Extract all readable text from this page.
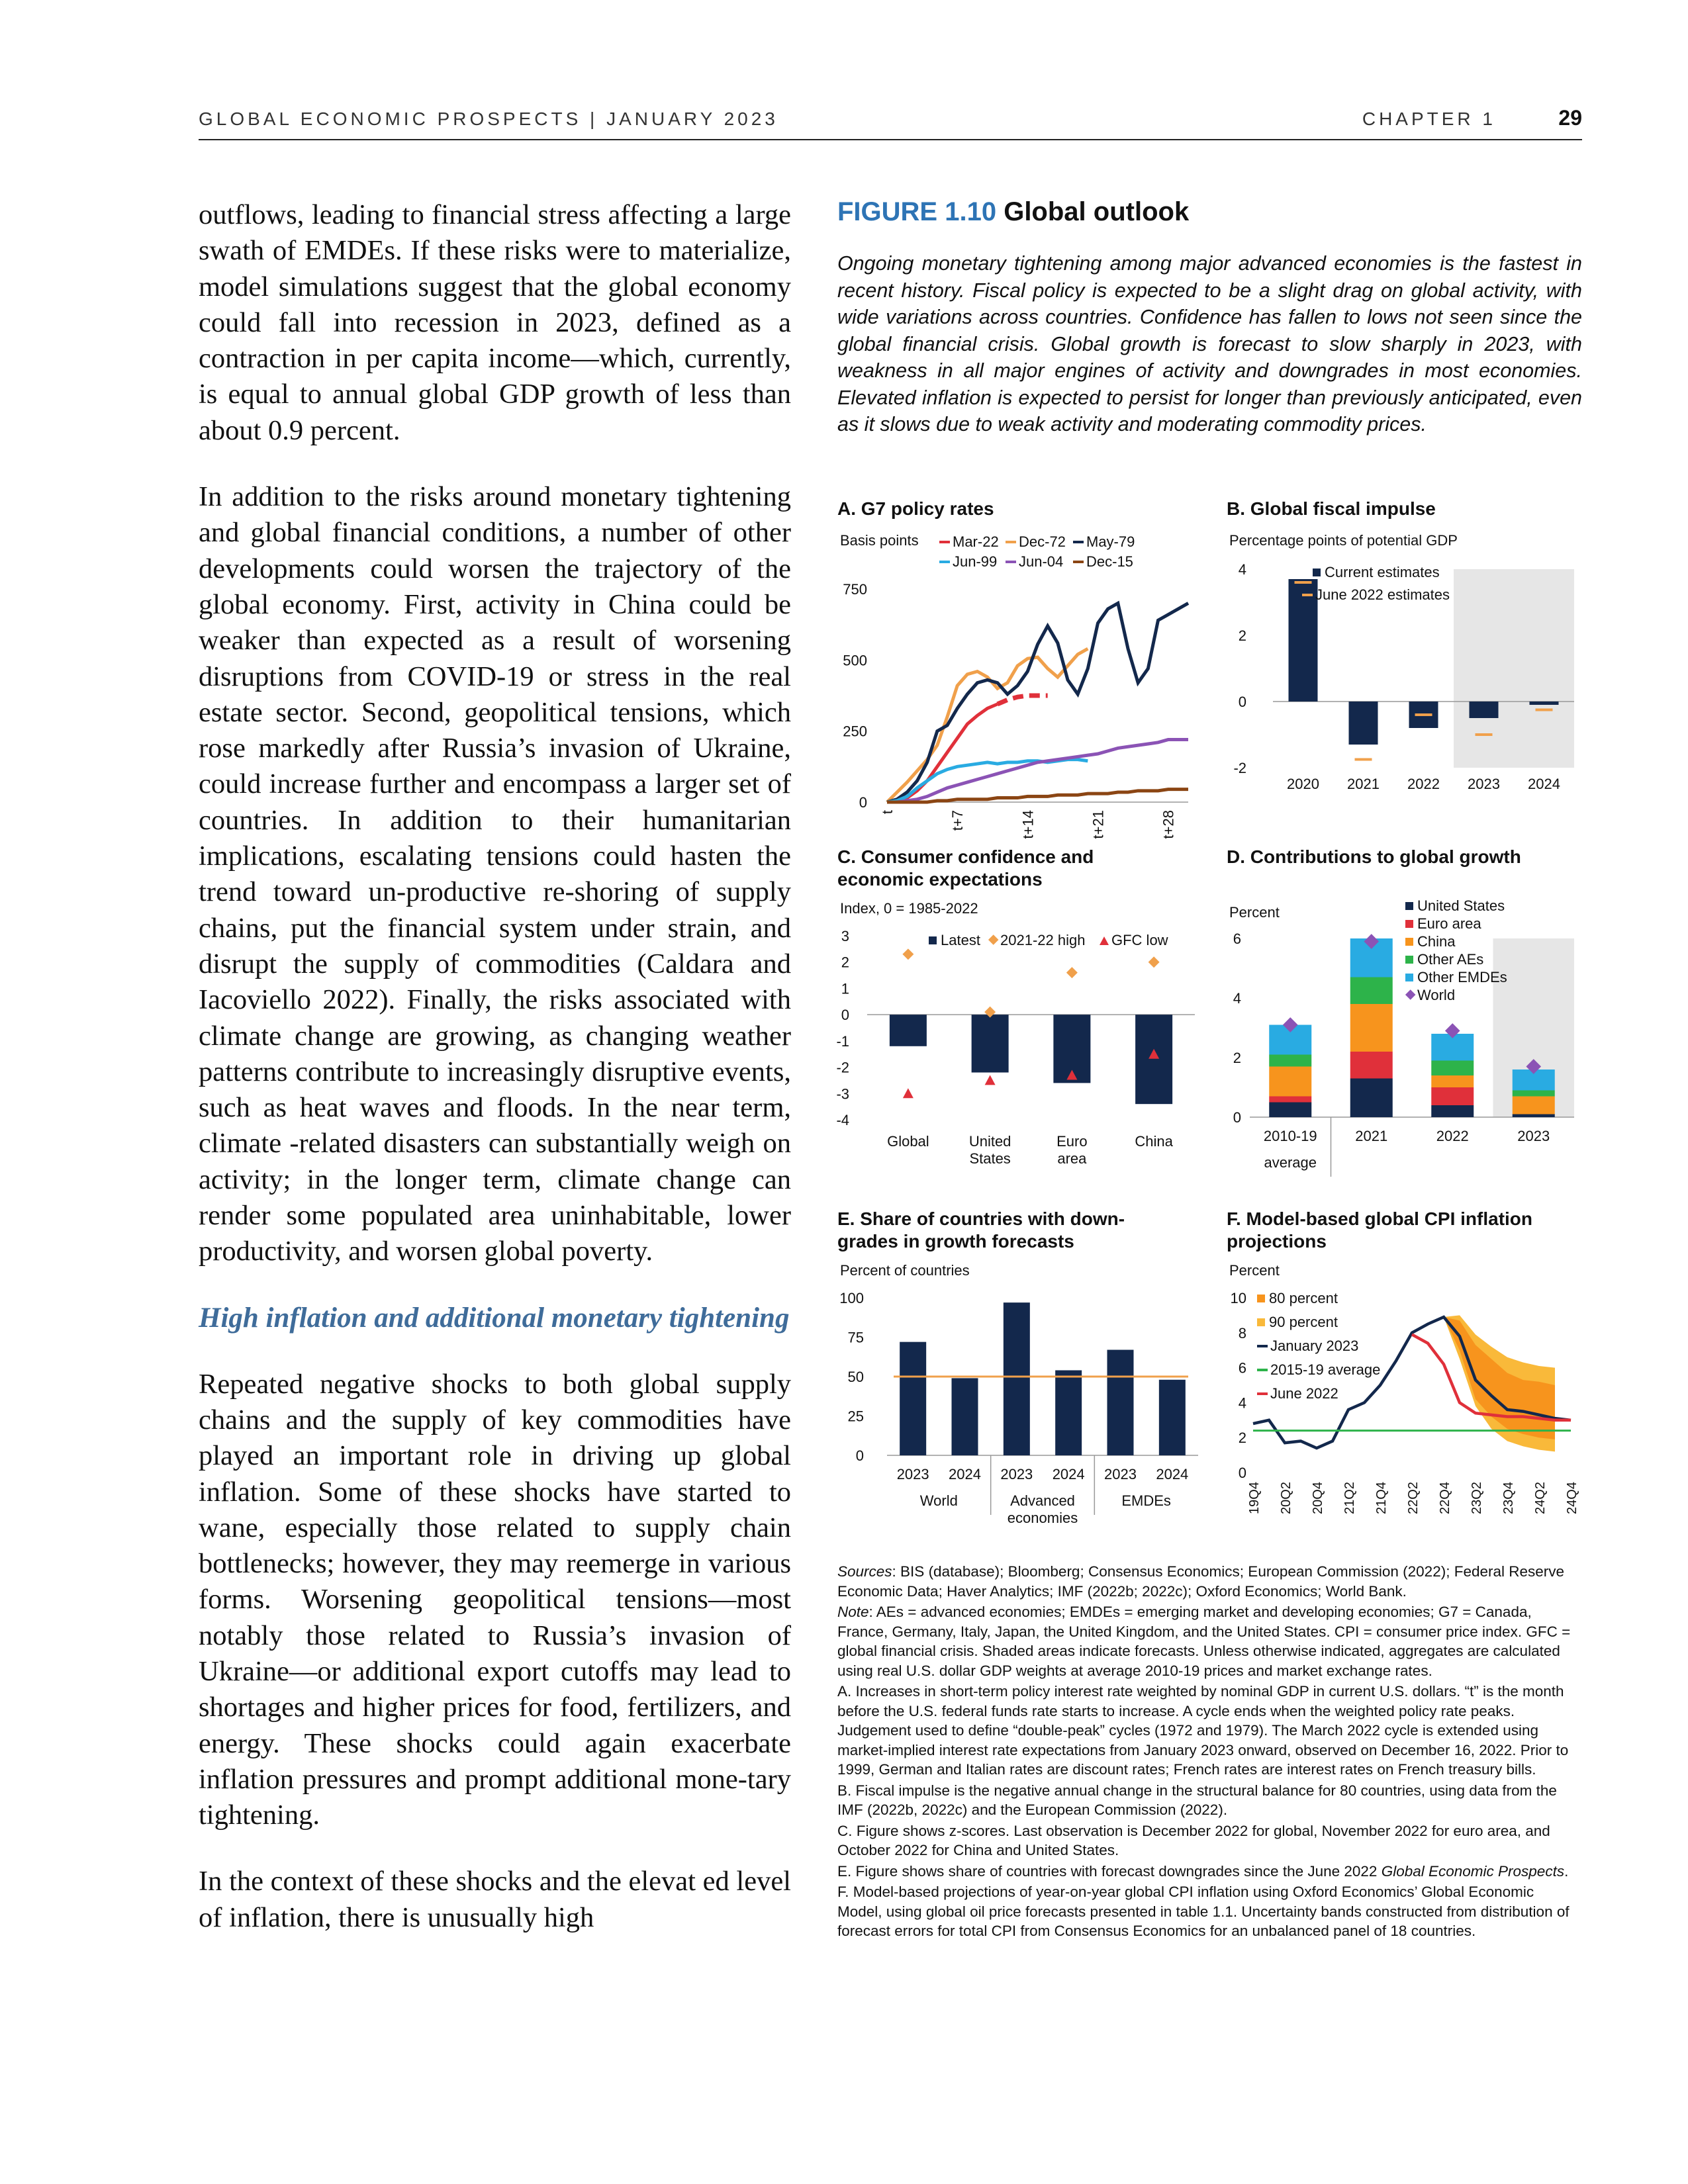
GLOBAL ECONOMIC PROSPECTS | JANUARY 2023	CHAPTER 1	29

outflows, leading to financial stress affecting a large swath of EMDEs. If these risks were to materialize, model simulations suggest that the global economy could fall into recession in 2023, defined as a contraction in per capita income—which, currently, is equal to annual global GDP growth of less than about 0.9 percent.

In addition to the risks around monetary tightening and global financial conditions, a number of other developments could worsen the trajectory of the global economy. First, activity in China could be weaker than expected as a result of worsening disruptions from COVID-19 or stress in the real estate sector. Second, geopolitical tensions, which rose markedly after Russia’s invasion of Ukraine, could increase further and encompass a larger set of countries. In addition to their humanitarian implications, escalating tensions could hasten the trend toward un-productive re-shoring of supply chains, put the financial system under strain, and disrupt the supply of commodities (Caldara and Iacoviello 2022). Finally, the risks associated with climate change are growing, as changing weather patterns contribute to increasingly disruptive events, such as heat waves and floods. In the near term, climate -related disasters can substantially weigh on activity; in the longer term, climate change can render some populated area uninhabitable, lower productivity, and worsen global poverty.

High inflation and additional monetary tightening

Repeated negative shocks to both global supply chains and the supply of key commodities have played an important role in driving up global inflation. Some of these shocks have started to wane, especially those related to supply chain bottlenecks; however, they may reemerge in various forms. Worsening geopolitical tensions—most notably those related to Russia’s invasion of Ukraine—or additional export cutoffs may lead to shortages and higher prices for food, fertilizers, and energy. These shocks could again exacerbate inflation pressures and prompt additional mone-tary tightening.

In the context of these shocks and the elevat ed level of inflation, there is unusually high

FIGURE 1.10 Global outlook
Ongoing monetary tightening among major advanced economies is the fastest in recent history. Fiscal policy is expected to be a slight drag on global activity, with wide variations across countries. Confidence has fallen to lows not seen since the global financial crisis. Global growth is forecast to slow sharply in 2023, with weakness in all major engines of activity and downgrades in most economies. Elevated inflation is expected to persist for longer than previously anticipated, even as it slows due to weak activity and moderating commodity prices.
A. G7 policy rates
Basis points
0
250
500
750
t	t+7	t+14	t+21	t+28
Mar-22 Dec-72 May-79
Jun-99 Jun-04 Dec-15
B. Global fiscal impulse
Percentage points of potential GDP
-2
0
2
4
2020 2021 2022 2023 2024
Current estimates
June 2022 estimates
C. Consumer confidence and economic expectations
Index, 0 = 1985-2022
-4
-3
-2
-1
0
1
2
3
Global	United
States
Euro
area
China
Latest 2021-22 high GFC low
D. Contributions to global growth
Percent
0
2
4
6
2010-19
average
2021	2022	2023
United States
Euro area
China
Other AEs
Other EMDEs
World
E. Share of countries with down-grades in growth forecasts
Percent of countries
0
25
50
75
100
2023 2024 2023 2024 2023 2024
World	Advanced
economies
EMDEs
F. Model-based global CPI inflation projections
Percent
0
2
4
6
8
10
19Q4 20Q2 20Q4 21Q2 21Q4 22Q2 22Q4 23Q2 23Q4 24Q2 24Q4
80 percent
90 percent
January 2023
2015-19 average
June 2022

Sources: BIS (database); Bloomberg; Consensus Economics; European Commission (2022); Federal Reserve Economic Data; Haver Analytics; IMF (2022b; 2022c); Oxford Economics; World Bank.

Note: AEs = advanced economies; EMDEs = emerging market and developing economies; G7 = Canada, France, Germany, Italy, Japan, the United Kingdom, and the United States. CPI = consumer price index. GFC = global financial crisis. Shaded areas indicate forecasts. Unless otherwise indicated, aggregates are calculated using real U.S. dollar GDP weights at average 2010-19 prices and market exchange rates.

A. Increases in short-term policy interest rate weighted by nominal GDP in current U.S. dollars. “t” is the month before the U.S. federal funds rate starts to increase. A cycle ends when the weighted policy rate peaks. Judgement used to define “double-peak” cycles (1972 and 1979). The March 2022 cycle is extended using market-implied interest rate expectations from January 2023 onward, observed on December 16, 2022. Prior to 1999, German and Italian rates are discount rates; French rates are interest rates on French treasury bills.

B. Fiscal impulse is the negative annual change in the structural balance for 80 countries, using data from the IMF (2022b, 2022c) and the European Commission (2022).

C. Figure shows z-scores. Last observation is December 2022 for global, November 2022 for euro area, and October 2022 for China and United States.

E. Figure shows share of countries with forecast downgrades since the June 2022 Global Economic Prospects.

F. Model-based projections of year-on-year global CPI inflation using Oxford Economics’ Global Economic Model, using global oil price forecasts presented in table 1.1. Uncertainty bands constructed from distribution of forecast errors for total CPI from Consensus Economics for an unbalanced panel of 18 countries.
